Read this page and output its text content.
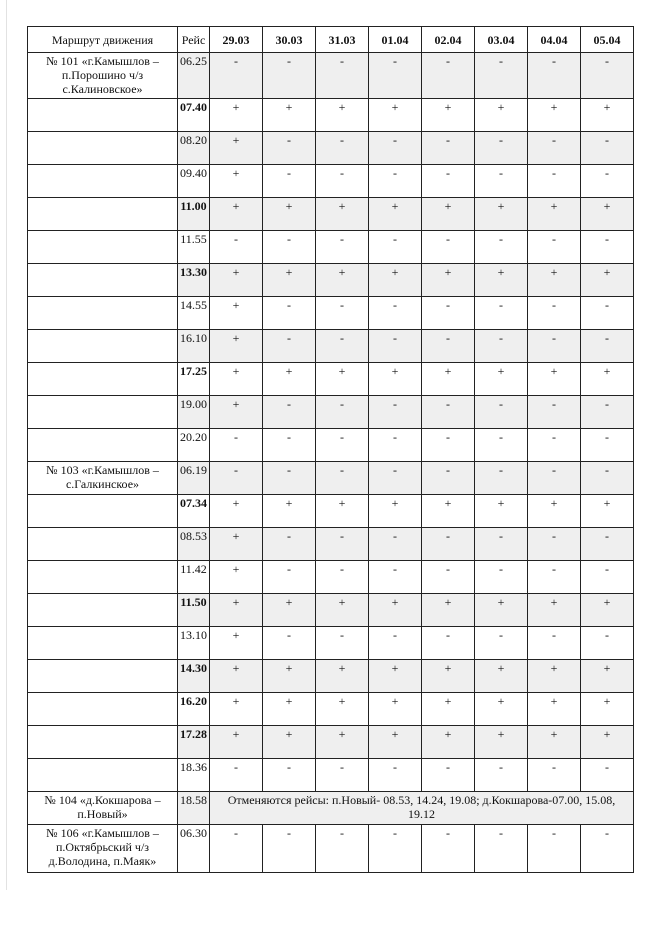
Маршрут движения	Рейс	29.03	30.03	31.03	01.04	02.04	03.04	04.04	05.04
№ 101 «г.Камышлов – п.Порошино ч/з с.Калиновское»	06.25	-	-	-	-	-	-	-	-
	07.40	+	+	+	+	+	+	+	+
	08.20	+	-	-	-	-	-	-	-
	09.40	+	-	-	-	-	-	-	-
	11.00	+	+	+	+	+	+	+	+
	11.55	-	-	-	-	-	-	-	-
	13.30	+	+	+	+	+	+	+	+
	14.55	+	-	-	-	-	-	-	-
	16.10	+	-	-	-	-	-	-	-
	17.25	+	+	+	+	+	+	+	+
	19.00	+	-	-	-	-	-	-	-
	20.20	-	-	-	-	-	-	-	-
№ 103 «г.Камышлов – с.Галкинское»	06.19	-	-	-	-	-	-	-	-
	07.34	+	+	+	+	+	+	+	+
	08.53	+	-	-	-	-	-	-	-
	11.42	+	-	-	-	-	-	-	-
	11.50	+	+	+	+	+	+	+	+
	13.10	+	-	-	-	-	-	-	-
	14.30	+	+	+	+	+	+	+	+
	16.20	+	+	+	+	+	+	+	+
	17.28	+	+	+	+	+	+	+	+
	18.36	-	-	-	-	-	-	-	-
№ 104 «д.Кокшарова – п.Новый»	18.58	Отменяются рейсы: п.Новый- 08.53, 14.24, 19.08; д.Кокшарова-07.00, 15.08, 19.12							
№ 106 «г.Камышлов – п.Октябрьский ч/з д.Володина, п.Маяк»	06.30	-	-	-	-	-	-	-	-
